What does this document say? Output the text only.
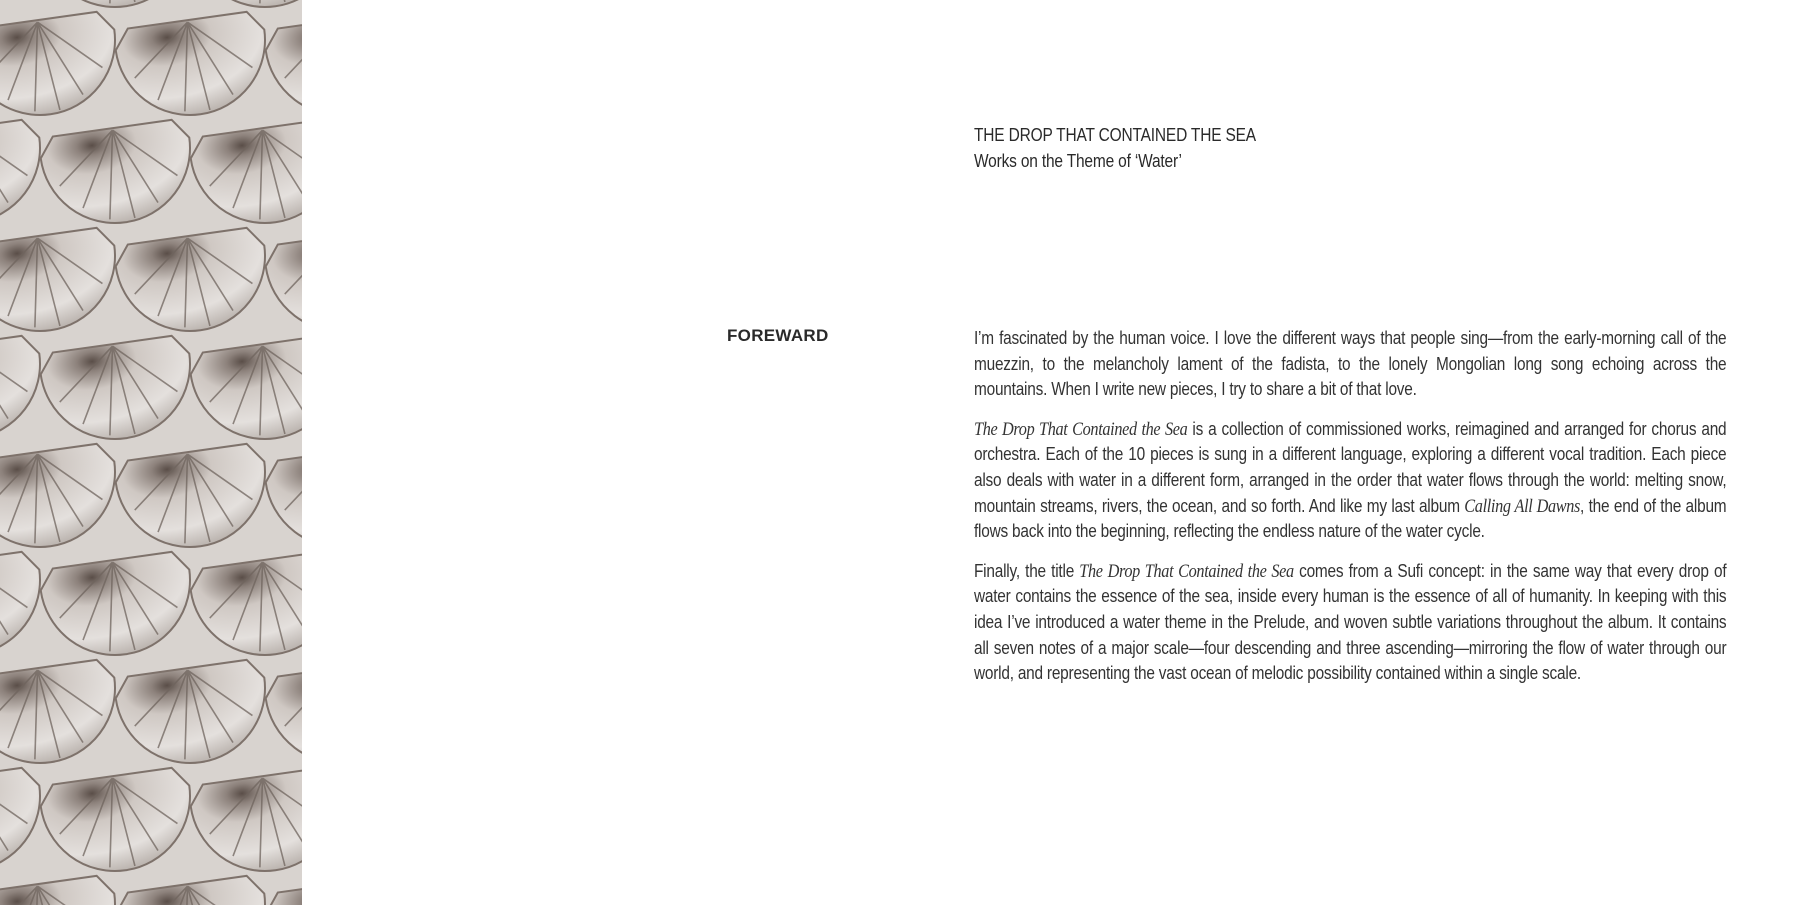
THE DROP THAT CONTAINED THE SEA
Works on the Theme of ‘Water’
FOREWARD	I’m fascinated by the human voice. I love the different ways that people sing—from the early-morning call of the muezzin, to the melancholy lament of the fadista, to the lonely Mongolian long song echoing across the mountains. When I write new pieces, I try to share a bit of that love.

The Drop That Contained the Sea is a collection of commissioned works, reimagined and arranged for chorus and orchestra. Each of the 10 pieces is sung in a different language, exploring a different vocal tradition. Each piece also deals with water in a different form, arranged in the order that water flows through the world: melting snow, mountain streams, rivers, the ocean, and so forth. And like my last album Calling All Dawns, the end of the album flows back into the beginning, reflecting the endless nature of the water cycle.

Finally, the title The Drop That Contained the Sea comes from a Sufi concept: in the same way that every drop of water contains the essence of the sea, inside every human is the essence of all of humanity. In keeping with this idea I’ve introduced a water theme in the Prelude, and woven subtle variations throughout the album. It contains all seven notes of a major scale—four descending and three ascending—mirroring the flow of water through our world, and representing the vast ocean of melodic possibility contained within a single scale.
